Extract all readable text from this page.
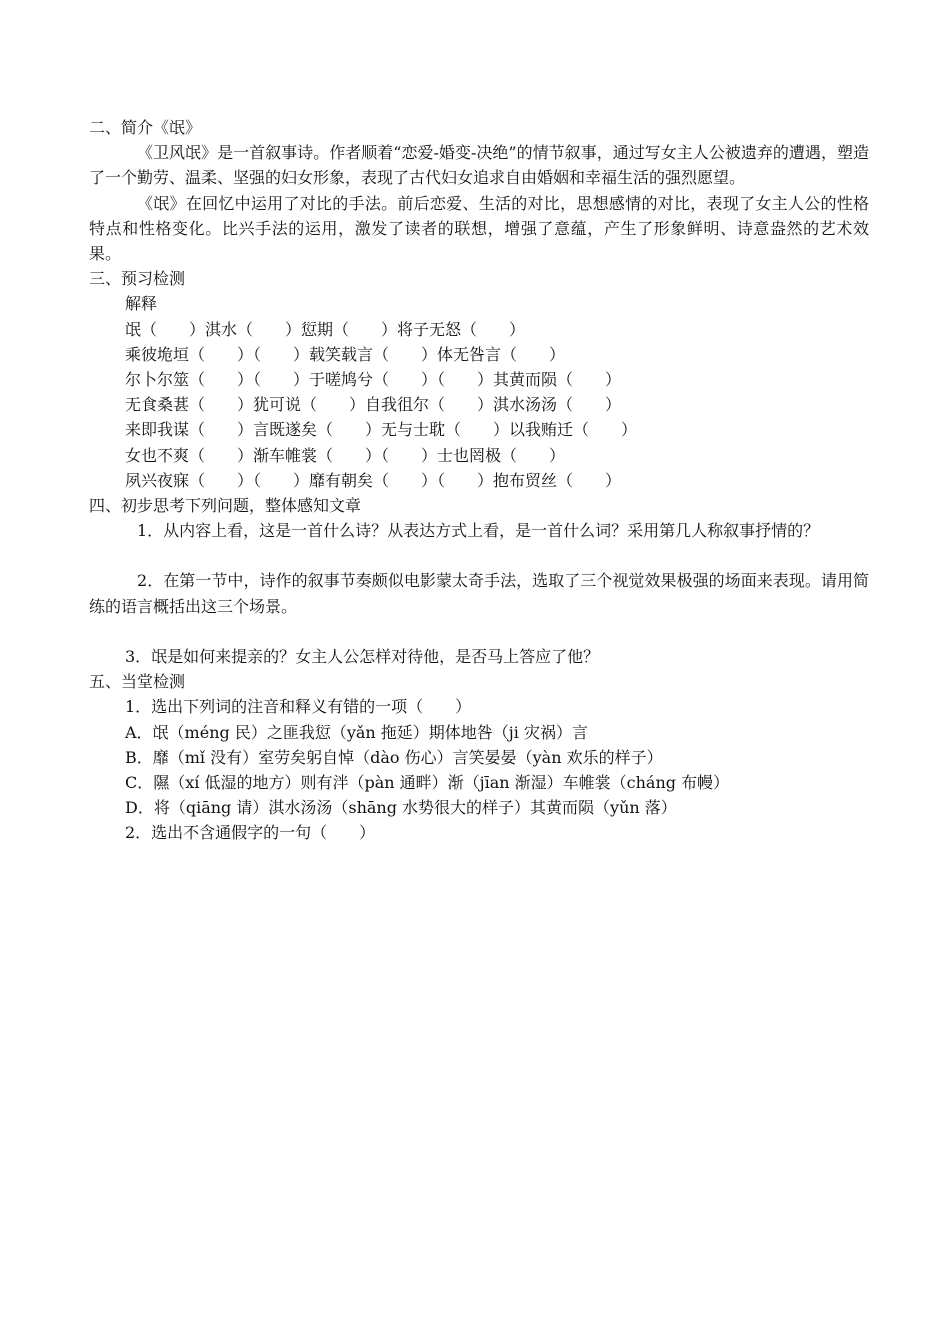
二、简介《氓》
《卫风氓》是一首叙事诗。作者顺着“恋爱-婚变-决绝”的情节叙事，通过写女主人公被遗弃的遭遇，塑造了一个勤劳、温柔、坚强的妇女形象，表现了古代妇女追求自由婚姻和幸福生活的强烈愿望。
《氓》在回忆中运用了对比的手法。前后恋爱、生活的对比，思想感情的对比，表现了女主人公的性格特点和性格变化。比兴手法的运用，激发了读者的联想，增强了意蕴，产生了形象鲜明、诗意盎然的艺术效果。
三、预习检测
解释
氓（　　）淇水（　　）愆期（　　）将子无怒（　　）
乘彼垝垣（　　）（　　）载笑载言（　　）体无咎言（　　）
尔卜尔筮（　　）（　　）于嗟鸠兮（　　）（　　）其黄而陨（　　）
无食桑葚（　　）犹可说（　　）自我徂尔（　　）淇水汤汤（　　）
来即我谋（　　）言既遂矣（　　）无与士耽（　　）以我贿迁（　　）
女也不爽（　　）渐车帷裳（　　）（　　）士也罔极（　　）
夙兴夜寐（　　）（　　）靡有朝矣（　　）（　　）抱布贸丝（　　）
四、初步思考下列问题，整体感知文章
1．从内容上看，这是一首什么诗？从表达方式上看，是一首什么词？采用第几人称叙事抒情的？
2．在第一节中，诗作的叙事节奏颇似电影蒙太奇手法，选取了三个视觉效果极强的场面来表现。请用简练的语言概括出这三个场景。
3．氓是如何来提亲的？女主人公怎样对待他，是否马上答应了他？
五、当堂检测
1．选出下列词的注音和释义有错的一项（　　）
A．氓（méng 民）之匪我愆（yǎn 拖延）期体地咎（ji 灾祸）言
B．靡（mǐ 没有）室劳矣躬自悼（dào 伤心）言笑晏晏（yàn 欢乐的样子）
C．隰（xí 低湿的地方）则有泮（pàn 通畔）渐（jīan 渐湿）车帷裳（cháng 布幔）
D．将（qiāng 请）淇水汤汤（shāng 水势很大的样子）其黄而陨（yǔn 落）
2．选出不含通假字的一句（　　）
